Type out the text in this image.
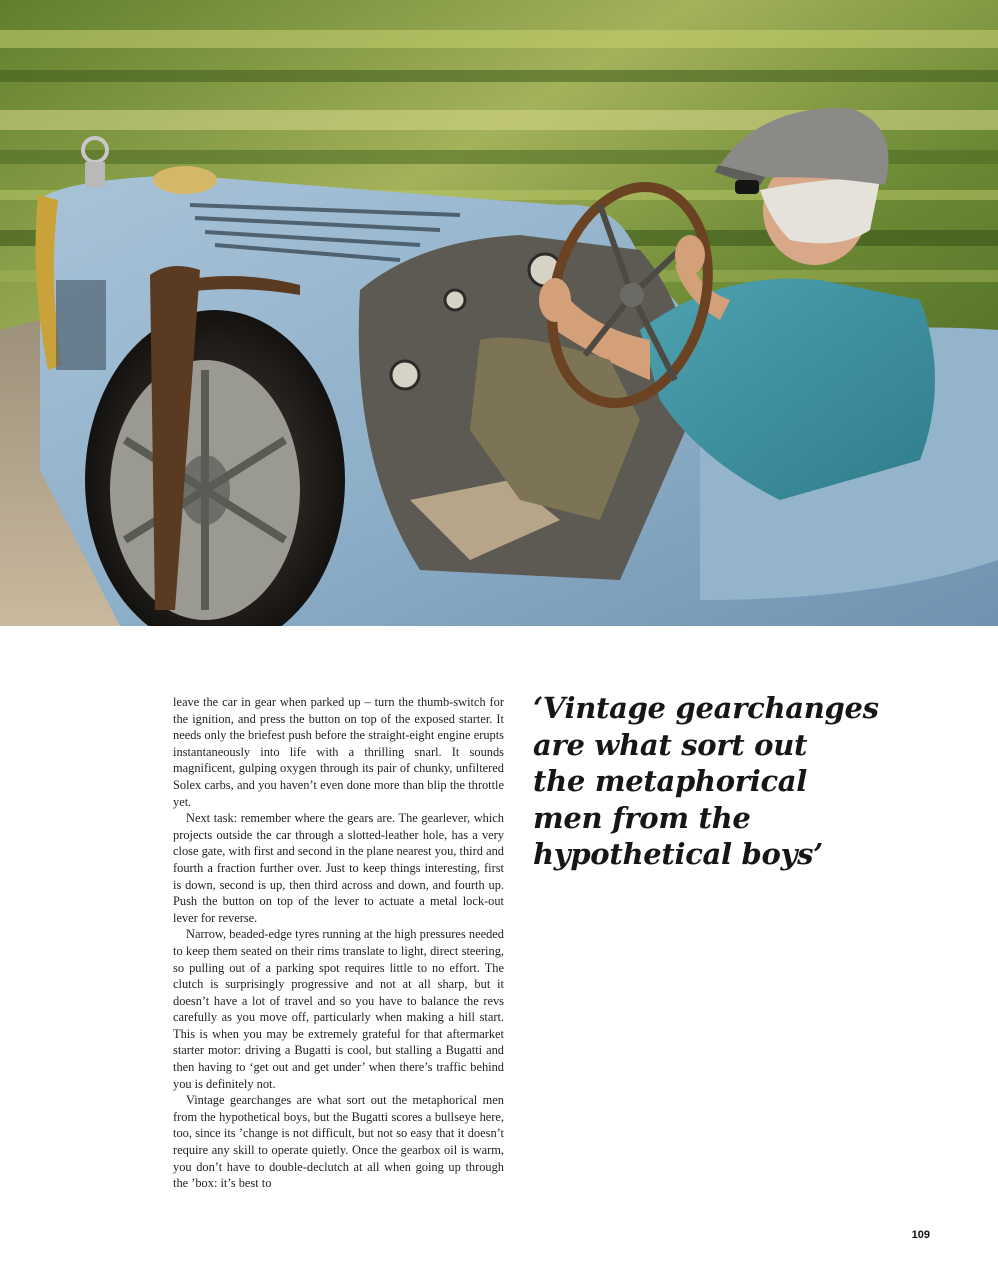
leave the car in gear when parked up – turn the thumb-switch for the ignition, and press the button on top of the exposed starter. It needs only the briefest push before the straight-eight engine erupts instantaneously into life with a thrilling snarl. It sounds magnificent, gulping oxygen through its pair of chunky, unfiltered Solex carbs, and you haven’t even done more than blip the throttle yet.

Next task: remember where the gears are. The gearlever, which projects outside the car through a slotted-leather hole, has a very close gate, with first and second in the plane nearest you, third and fourth a fraction further over. Just to keep things interesting, first is down, second is up, then third across and down, and fourth up. Push the button on top of the lever to actuate a metal lock-out lever for reverse.

Narrow, beaded-edge tyres running at the high pressures needed to keep them seated on their rims translate to light, direct steering, so pulling out of a parking spot requires little to no effort. The clutch is surprisingly progressive and not at all sharp, but it doesn’t have a lot of travel and so you have to balance the revs carefully as you move off, particularly when making a hill start. This is when you may be extremely grateful for that aftermarket starter motor: driving a Bugatti is cool, but stalling a Bugatti and then having to ‘get out and get under’ when there’s traffic behind you is definitely not.

Vintage gearchanges are what sort out the metaphorical men from the hypothetical boys, but the Bugatti scores a bullseye here, too, since its ’change is not difficult, but not so easy that it doesn’t require any skill to operate quietly. Once the gearbox oil is warm, you don’t have to double-declutch at all when going up through the ’box: it’s best to

‘Vintage gearchanges
are what sort out
the metaphorical
men from the
hypothetical boys’
109
